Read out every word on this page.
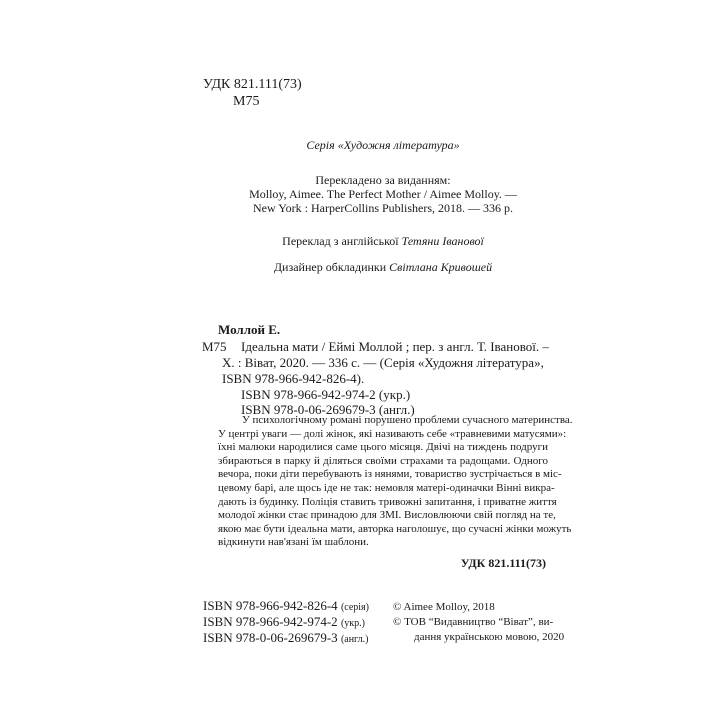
УДК 821.111(73)
М75
Серія «Художня література»
Перекладено за виданням:
Molloy, Aimee. The Perfect Mother / Aimee Molloy. —
New York : HarperCollins Publishers, 2018. — 336 p.
Переклад з англійської Тетяни Іванової
Дизайнер обкладинки Світлана Кривошей
Моллой Е.
М75 Ідеальна мати / Еймі Моллой ; пер. з англ. Т. Іванової. –
Х. : Віват, 2020. — 336 с. — (Серія «Художня література»,
ISBN 978-966-942-826-4).
ISBN 978-966-942-974-2 (укр.)
ISBN 978-0-06-269679-3 (англ.)
У психологічному романі порушено проблеми сучасного материнства.
У центрі уваги — долі жінок, які називають себе «травневими матусями»:
їхні малюки народилися саме цього місяця. Двічі на тиждень подруги
збираються в парку й діляться своїми страхами та радощами. Одного
вечора, поки діти перебувають із нянями, товариство зустрічається в міс-
цевому барі, але щось іде не так: немовля матері-одиначки Вінні викра-
дають із будинку. Поліція ставить тривожні запитання, і приватне життя
молодої жінки стає принадою для ЗМІ. Висловлюючи свій погляд на те,
якою має бути ідеальна мати, авторка наголошує, що сучасні жінки можуть
відкинути нав'язані їм шаблони.
УДК 821.111(73)
ISBN 978-966-942-826-4 (серія)
ISBN 978-966-942-974-2 (укр.)
ISBN 978-0-06-269679-3 (англ.)
© Aimee Molloy, 2018
© ТОВ “Видавництво “Віват”, ви-
дання українською мовою, 2020
